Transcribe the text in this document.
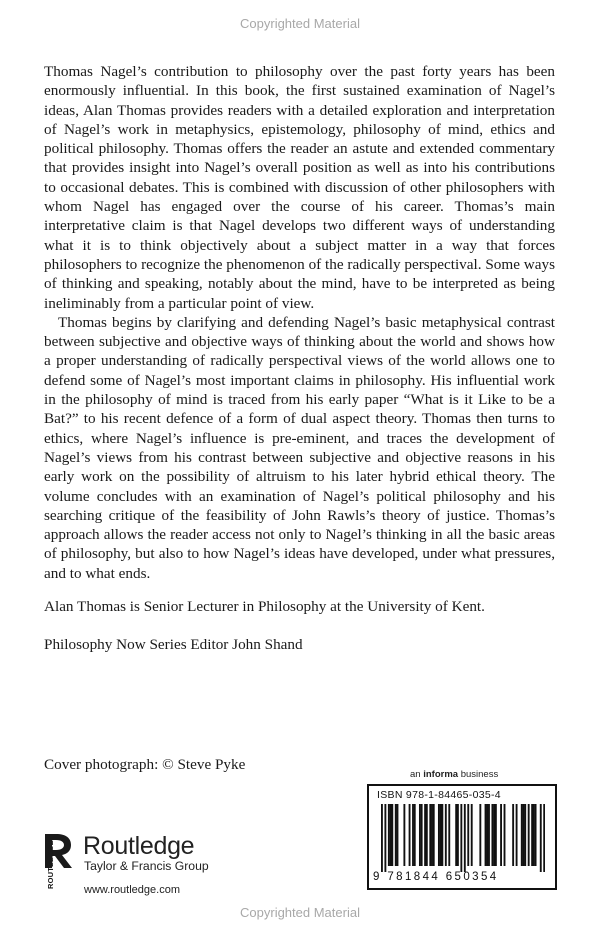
Copyrighted Material

Thomas Nagel’s contribution to philosophy over the past forty years has been enormously influential. In this book, the first sustained examination of Nagel’s ideas, Alan Thomas provides readers with a detailed exploration and interpretation of Nagel’s work in metaphysics, epistemology, philosophy of mind, ethics and political philosophy. Thomas offers the reader an astute and extended commentary that provides insight into Nagel’s overall position as well as into his contributions to occasional debates. This is combined with discussion of other philosophers with whom Nagel has engaged over the course of his career. Thomas’s main interpretative claim is that Nagel develops two different ways of understanding what it is to think objectively about a subject matter in a way that forces philosophers to recognize the phenomenon of the radically perspectival. Some ways of thinking and speaking, notably about the mind, have to be interpreted as being ineliminably from a particular point of view.

Thomas begins by clarifying and defending Nagel’s basic metaphysical contrast between subjective and objective ways of thinking about the world and shows how a proper understanding of radically perspectival views of the world allows one to defend some of Nagel’s most important claims in philosophy. His influential work in the philosophy of mind is traced from his early paper “What is it Like to be a Bat?” to his recent defence of a form of dual aspect theory. Thomas then turns to ethics, where Nagel’s influence is pre-eminent, and traces the development of Nagel’s views from his contrast between subjective and objective reasons in his early work on the possibility of altruism to his later hybrid ethical theory. The volume concludes with an examination of Nagel’s political philosophy and his searching critique of the feasibility of John Rawls’s theory of justice. Thomas’s approach allows the reader access not only to Nagel’s thinking in all the basic areas of philosophy, but also to how Nagel’s ideas have developed, under what pressures, and to what ends.

Alan Thomas is Senior Lecturer in Philosophy at the University of Kent.
Philosophy Now Series Editor John Shand
Cover photograph: © Steve Pyke
an informa business
ROUTLEDGE Routledge
Taylor & Francis Group
www.routledge.com
ISBN 978-1-84465-035-4
9 781844 650354
Copyrighted Material
